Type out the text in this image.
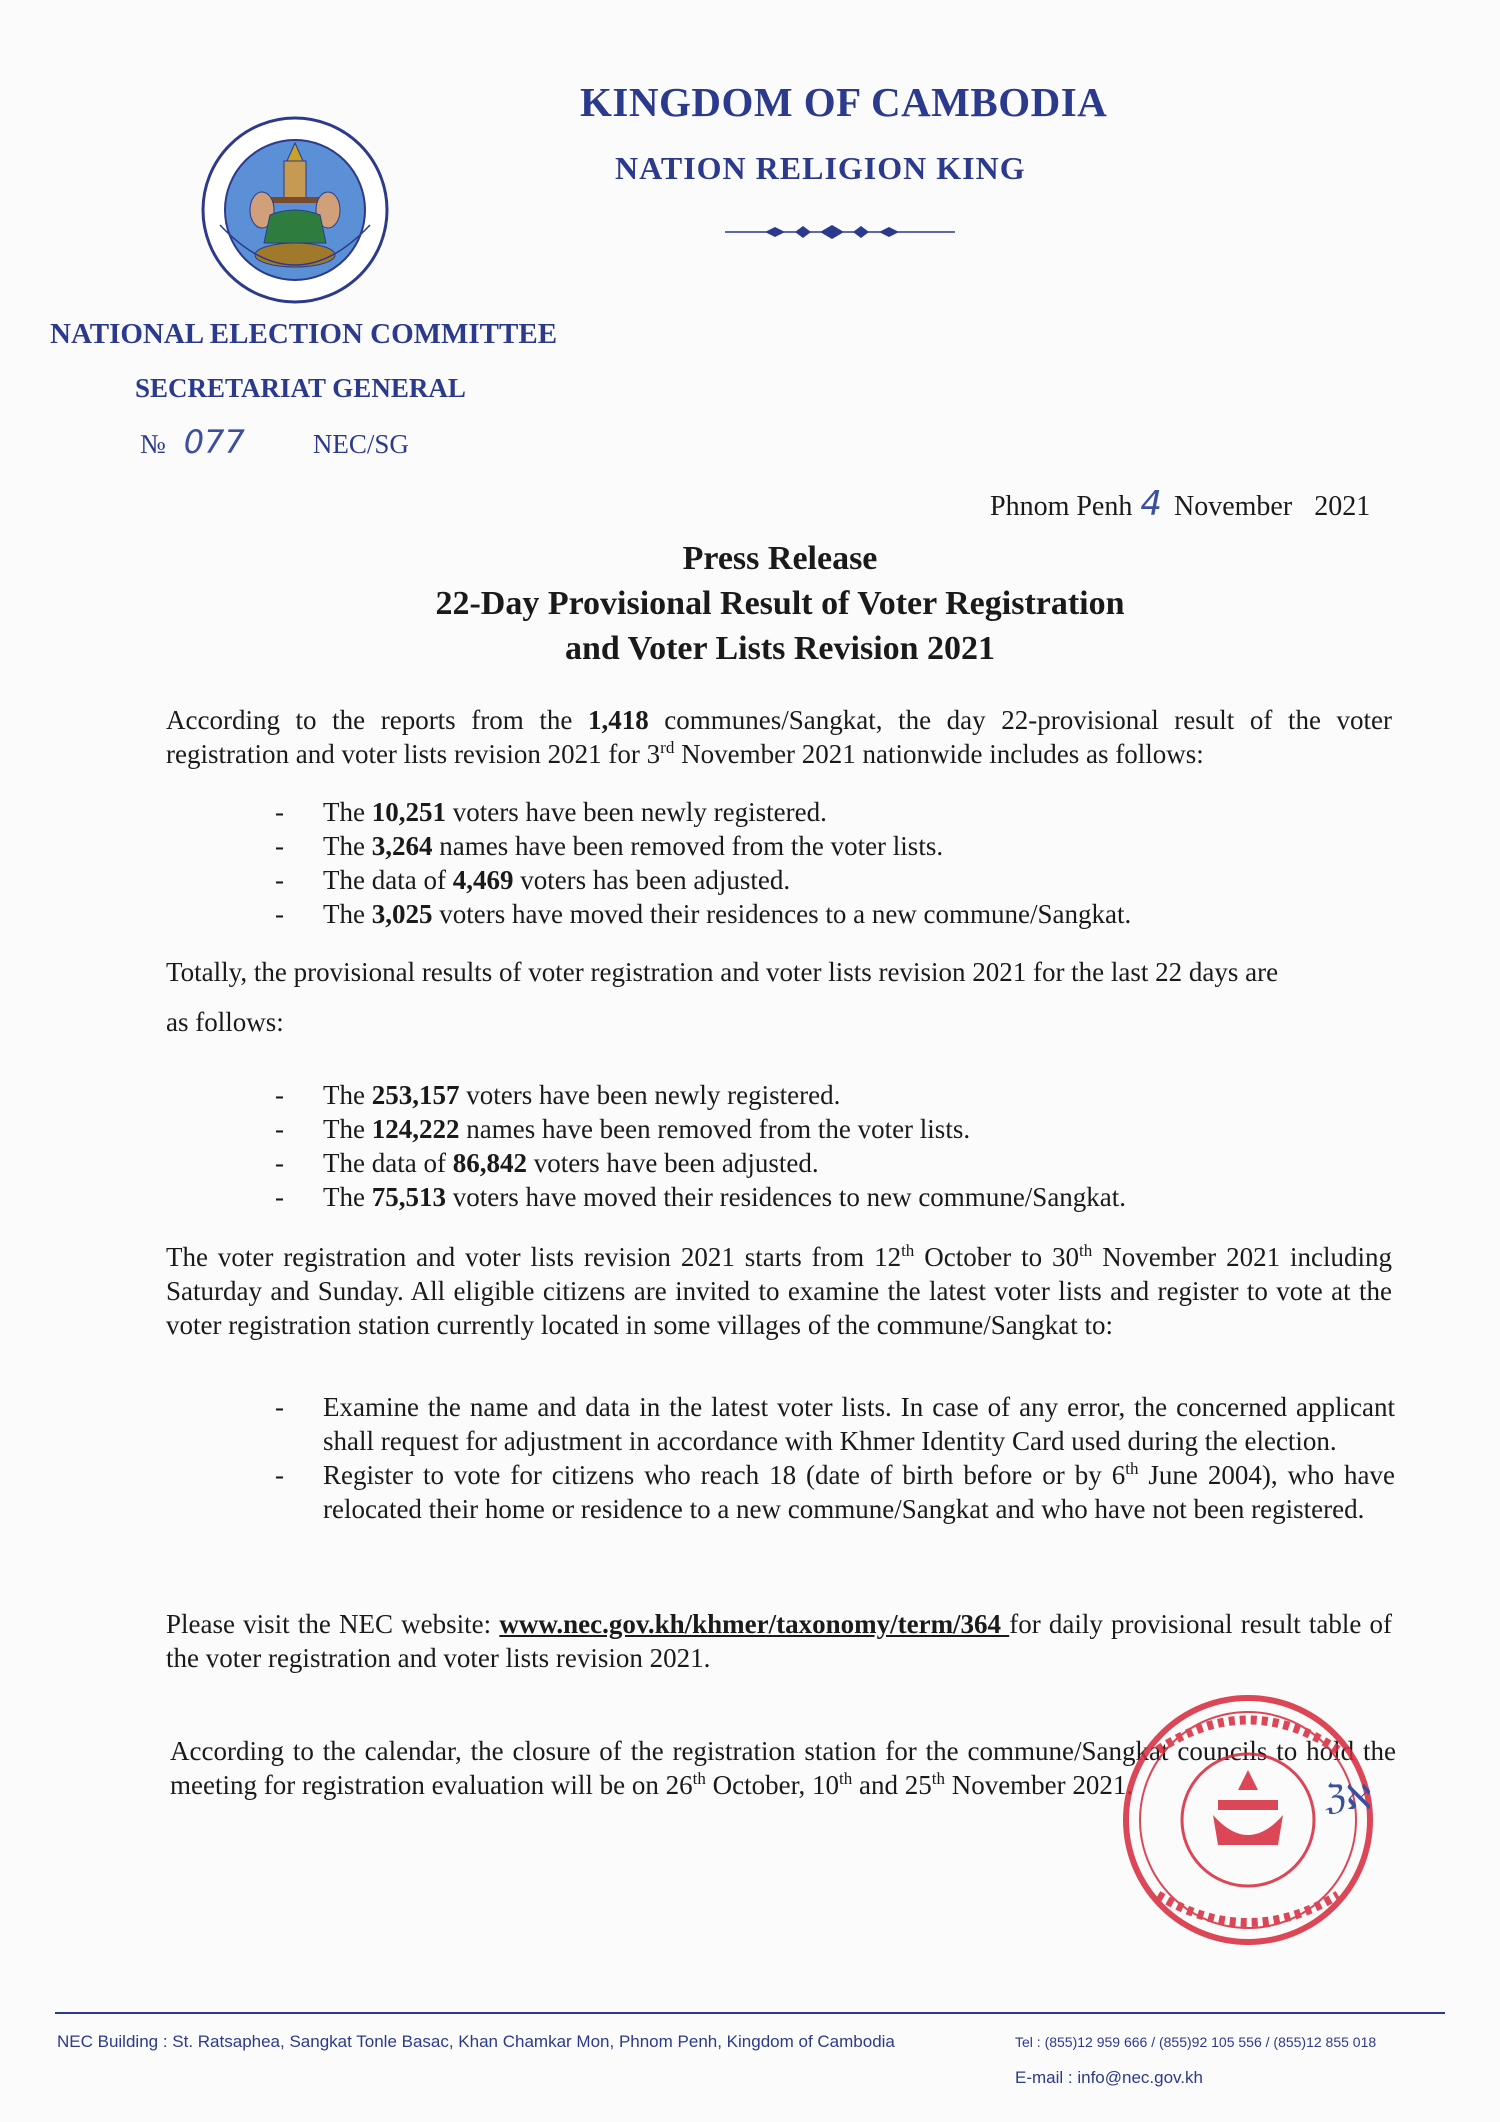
KINGDOM OF CAMBODIA
NATION RELIGION KING
NATIONAL ELECTION COMMITTEE
SECRETARIAT GENERAL
№ 077	NEC/SG
Phnom Penh 4 November 2021
Press Release
22-Day Provisional Result of Voter Registration
and Voter Lists Revision 2021
According to the reports from the 1,418 communes/Sangkat, the day 22-provisional result of the voter registration and voter lists revision 2021 for 3rd November 2021 nationwide includes as follows:
- The 10,251 voters have been newly registered.
- The 3,264 names have been removed from the voter lists.
- The data of 4,469 voters has been adjusted.
- The 3,025 voters have moved their residences to a new commune/Sangkat.
Totally, the provisional results of voter registration and voter lists revision 2021 for the last 22 days are
as follows:
- The 253,157 voters have been newly registered.
- The 124,222 names have been removed from the voter lists.
- The data of 86,842 voters have been adjusted.
- The 75,513 voters have moved their residences to new commune/Sangkat.
The voter registration and voter lists revision 2021 starts from 12th October to 30th November 2021 including Saturday and Sunday. All eligible citizens are invited to examine the latest voter lists and register to vote at the voter registration station currently located in some villages of the commune/Sangkat to:
- Examine the name and data in the latest voter lists. In case of any error, the concerned applicant shall request for adjustment in accordance with Khmer Identity Card used during the election.
- Register to vote for citizens who reach 18 (date of birth before or by 6th June 2004), who have relocated their home or residence to a new commune/Sangkat and who have not been registered.
Please visit the NEC website: www.nec.gov.kh/khmer/taxonomy/term/364 for daily provisional result table of the voter registration and voter lists revision 2021.
According to the calendar, the closure of the registration station for the commune/Sangkat councils to hold the meeting for registration evaluation will be on 26th October, 10th and 25th November 2021.	ℨℵ
NEC Building : St. Ratsaphea, Sangkat Tonle Basac, Khan Chamkar Mon, Phnom Penh, Kingdom of Cambodia	Tel : (855)12 959 666 / (855)92 105 556 / (855)12 855 018
E-mail : info@nec.gov.kh
